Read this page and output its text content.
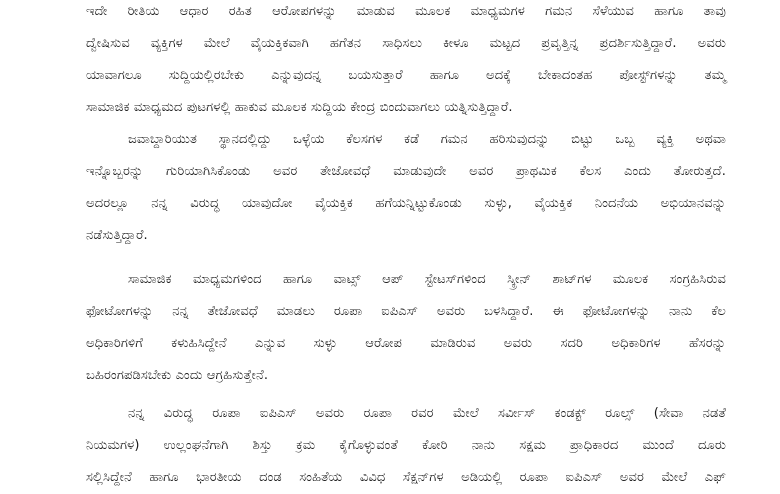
ಇದೇ ರೀತಿಯ ಆಧಾರ ರಹಿತ ಆರೋಪಗಳನ್ನು ಮಾಡುವ ಮೂಲಕ ಮಾಧ್ಯಮಗಳ ಗಮನ ಸೆಳೆಯುವ ಹಾಗೂ ತಾವು
ದ್ವೇಷಿಸುವ ವ್ಯಕ್ತಿಗಳ ಮೇಲೆ ವೈಯಕ್ತಿಕವಾಗಿ ಹಗೆತನ ಸಾಧಿಸಲು ಕೀಳೂ ಮಟ್ಟದ ಪ್ರವೃತ್ತಿನ್ನ ಪ್ರದರ್ಶಿಸುತ್ತಿದ್ದಾರೆ. ಅವರು
ಯಾವಾಗಲೂ ಸುದ್ದಿಯಲ್ಲಿರಬೇಕು ಎನ್ನುವುದನ್ನ ಬಯಸುತ್ತಾರೆ ಹಾಗೂ ಅದಕ್ಕೆ ಬೇಕಾದಂತಹ ಪೋಸ್ಟ್‌ಗಳನ್ನು ತಮ್ಮ
ಸಾಮಾಜಿಕ ಮಾಧ್ಯಮದ ಪುಟಗಳಲ್ಲಿ ಹಾಕುವ ಮೂಲಕ ಸುದ್ದಿಯ ಕೇಂದ್ರ ಬಿಂದುವಾಗಲು ಯತ್ನಿಸುತ್ತಿದ್ದಾರೆ.
ಜವಾಬ್ದಾರಿಯುತ ಸ್ಥಾನದಲ್ಲಿದ್ದು ಒಳ್ಳೆಯ ಕೆಲಸಗಳ ಕಡೆ ಗಮನ ಹರಿಸುವುದನ್ನು ಬಿಟ್ಟು ಒಬ್ಬ ವ್ಯಕ್ತಿ ಅಥವಾ
ಇನ್ನೊಬ್ಬರನ್ನು ಗುರಿಯಾಗಿಸಿಕೊಂಡು ಅವರ ತೇಜೋವಧೆ ಮಾಡುವುದೇ ಅವರ ಪ್ರಾಥಮಿಕ ಕೆಲಸ ಎಂದು ತೋರುತ್ತದೆ.
ಅದರಲ್ಲೂ ನನ್ನ ವಿರುದ್ಧ ಯಾವುದೋ ವೈಯಕ್ತಿಕ ಹಗೆಯನ್ನಿಟ್ಟುಕೊಂಡು ಸುಳ್ಳು, ವೈಯಕ್ತಿಕ ನಿಂದನೆಯ ಅಭಿಯಾನವನ್ನು
ನಡೆಸುತ್ತಿದ್ದಾರೆ.
ಸಾಮಾಜಿಕ ಮಾಧ್ಯಮಗಳಿಂದ ಹಾಗೂ ವಾಟ್ಸ್ ಆಪ್ ಸ್ಟೇಟಸ್‌ಗಳಿಂದ ಸ್ಕ್ರೀನ್ ಶಾಟ್‌ಗಳ ಮೂಲಕ ಸಂಗ್ರಹಿಸಿರುವ
ಫೋಟೋಗಳನ್ನು ನನ್ನ ತೇಜೋವಧೆ ಮಾಡಲು ರೂಪಾ ಐಪಿಎಸ್ ಅವರು ಬಳಸಿದ್ದಾರೆ. ಈ ಫೋಟೋಗಳನ್ನು ನಾನು ಕೆಲ
ಅಧಿಕಾರಿಗಳಿಗೆ ಕಳುಹಿಸಿದ್ದೇನೆ ಎನ್ನುವ ಸುಳ್ಳು ಆರೋಪ ಮಾಡಿರುವ ಅವರು ಸದರಿ ಅಧಿಕಾರಿಗಳ ಹೆಸರನ್ನು
ಬಹಿರಂಗಪಡಿಸಬೇಕು ಎಂದು ಆಗ್ರಹಿಸುತ್ತೇನೆ.
ನನ್ನ ವಿರುದ್ಧ ರೂಪಾ ಐಪಿಎಸ್ ಅವರು ರೂಪಾ ರವರ ಮೇಲೆ ಸರ್ವೀಸ್ ಕಂಡಕ್ಟ್ ರೂಲ್ಸ್ (ಸೇವಾ ನಡತೆ
ನಿಯಮಗಳ) ಉಲ್ಲಂಘನೆಗಾಗಿ ಶಿಸ್ತು ಕ್ರಮ ಕೈಗೊಳ್ಳುವಂತೆ ಕೋರಿ ನಾನು ಸಕ್ಷಮ ಪ್ರಾಧಿಕಾರದ ಮುಂದೆ ದೂರು
ಸಲ್ಲಿಸಿದ್ದೇನೆ ಹಾಗೂ ಭಾರತೀಯ ದಂಡ ಸಂಹಿತೆಯ ವಿವಿಧ ಸೆಕ್ಷನ್‌ಗಳ ಅಡಿಯಲ್ಲಿ ರೂಪಾ ಐಪಿಎಸ್ ಅವರ ಮೇಲೆ ಎಫ್
